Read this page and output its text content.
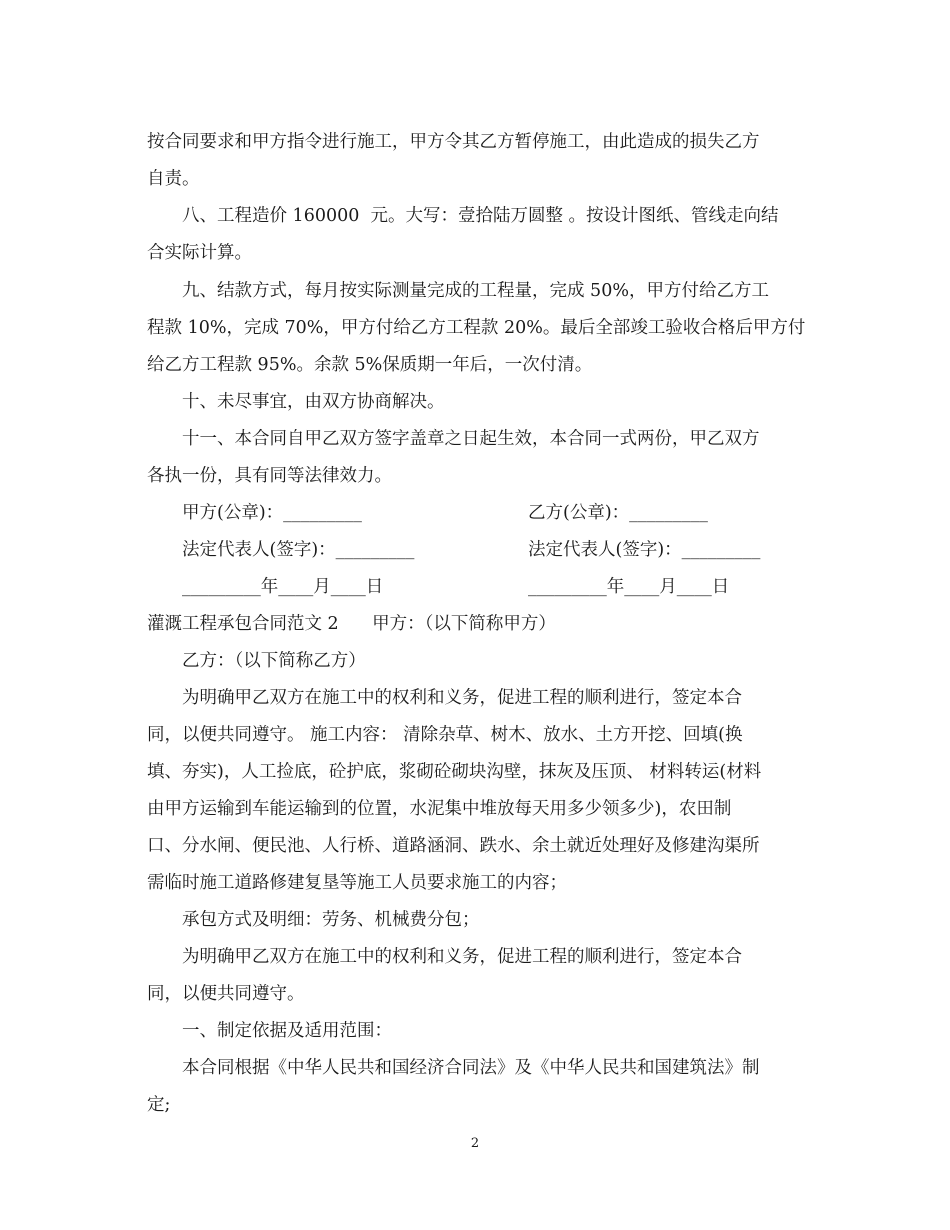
按合同要求和甲方指令进行施工，甲方令其乙方暂停施工，由此造成的损失乙方
自责。
八、工程造价 160000  元。大写：壹拾陆万圆整 。按设计图纸、管线走向结
合实际计算。
九、结款方式，每月按实际测量完成的工程量，完成 50%，甲方付给乙方工
程款 10%，完成 70%，甲方付给乙方工程款 20%。最后全部竣工验收合格后甲方付
给乙方工程款 95%。余款 5%保质期一年后，一次付清。
十、未尽事宜，由双方协商解决。
十一、本合同自甲乙双方签字盖章之日起生效，本合同一式两份，甲乙双方
各执一份，具有同等法律效力。
甲方(公章)：_________	乙方(公章)：_________
法定代表人(签字)：_________	法定代表人(签字)：_________
_________年____月____日	_________年____月____日
灌溉工程承包合同范文 2      甲方：（以下简称甲方）
乙方：（以下简称乙方）
为明确甲乙双方在施工中的权利和义务，促进工程的顺利进行，签定本合
同，以便共同遵守。 施工内容： 清除杂草、树木、放水、土方开挖、回填(换
填、夯实)，人工捡底，砼护底，浆砌砼砌块沟壁，抹灰及压顶、 材料转运(材料
由甲方运输到车能运输到的位置，水泥集中堆放每天用多少领多少)，农田制
口、分水闸、便民池、人行桥、道路涵洞、跌水、余土就近处理好及修建沟渠所
需临时施工道路修建复垦等施工人员要求施工的内容；
承包方式及明细：劳务、机械费分包；
为明确甲乙双方在施工中的权利和义务，促进工程的顺利进行，签定本合
同，以便共同遵守。
一、制定依据及适用范围：
本合同根据《中华人民共和国经济合同法》及《中华人民共和国建筑法》制
定;
2
